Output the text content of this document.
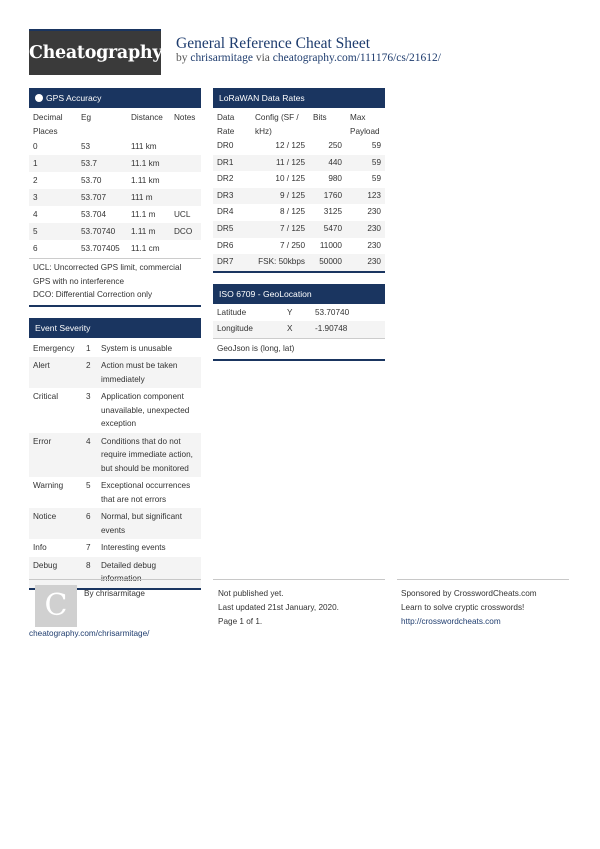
Cheatography General Reference Cheat Sheet
by chrisarmitage via cheatography.com/111176/cs/21612/
GPS Accuracy
Decimal Places	Eg	Distance	Notes
0	53	111 km	
1	53.7	11.1 km	
2	53.70	1.11 km	
3	53.707	111 m	
4	53.704	11.1 m	UCL
5	53.70740	1.11 m	DCO
6	53.707405	11.1 cm	
UCL: Uncorrected GPS limit, commercial GPS with no interference
DCO: Differential Correction only
Event Severity
Emergency	1	System is unusable
Alert	2	Action must be taken immediately
Critical	3	Application component unavailable, unexpected exception
Error	4	Conditions that do not require immediate action, but should be monitored
Warning	5	Exceptional occurrences that are not errors
Notice	6	Normal, but significant events
Info	7	Interesting events
Debug	8	Detailed debug information
LoRaWAN Data Rates
Data Rate	Config (SF / kHz)	Bits	Max Payload
DR0	12 / 125	250	59
DR1	11 / 125	440	59
DR2	10 / 125	980	59
DR3	9 / 125	1760	123
DR4	8 / 125	3125	230
DR5	7 / 125	5470	230
DR6	7 / 250	11000	230
DR7	FSK: 50kbps	50000	230
ISO 6709 - GeoLocation
Latitude	Y	53.70740
Longitude	X	-1.90748
GeoJson is (long, lat)
C	By chrisarmitage
cheatography.com/chrisarmitage/
Not published yet.
Last updated 21st January, 2020.
Page 1 of 1.
Sponsored by CrosswordCheats.com
Learn to solve cryptic crosswords!
http://crosswordcheats.com
